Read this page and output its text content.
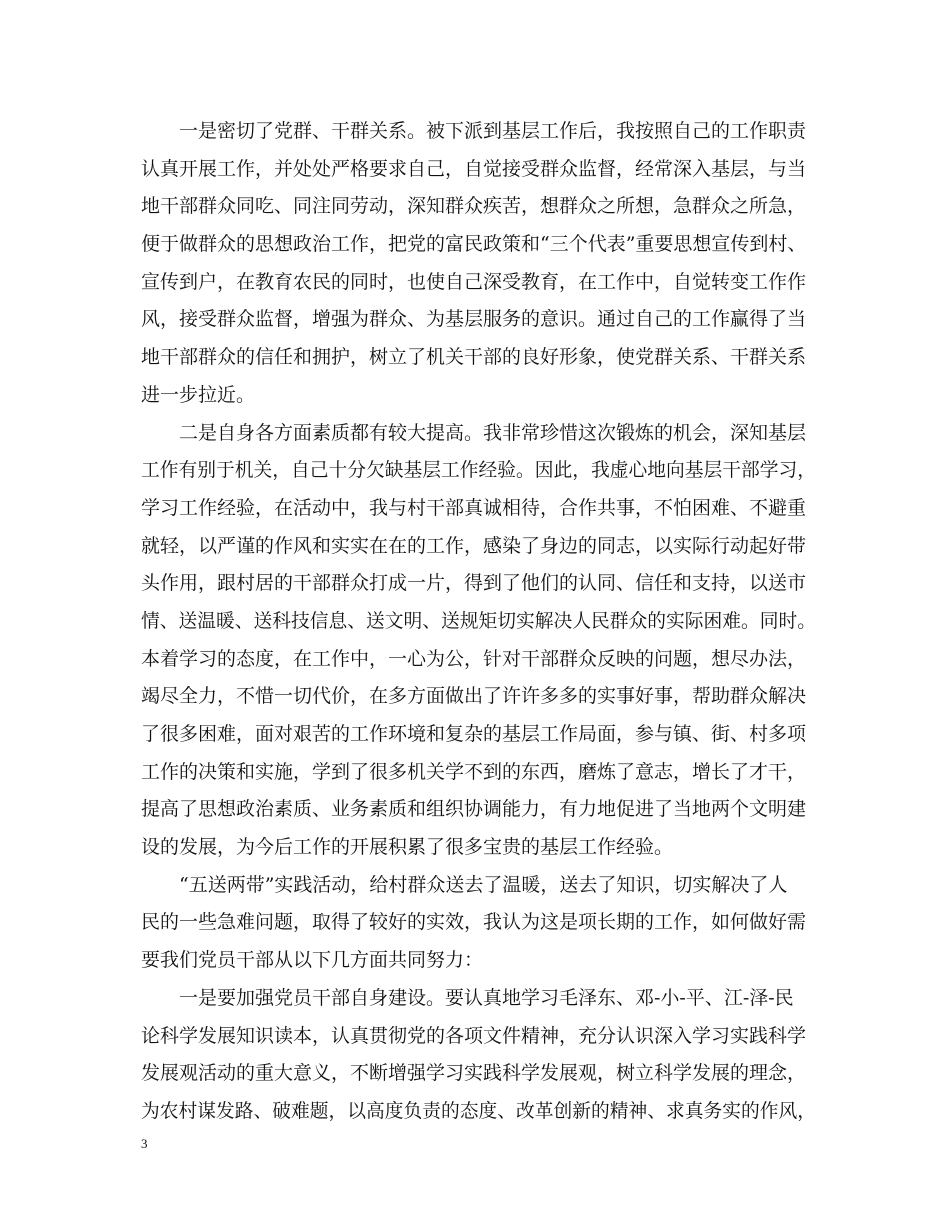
一是密切了党群、干群关系。被下派到基层工作后，我按照自己的工作职责
认真开展工作，并处处严格要求自己，自觉接受群众监督，经常深入基层，与当
地干部群众同吃、同注同劳动，深知群众疾苦，想群众之所想，急群众之所急，
便于做群众的思想政治工作，把党的富民政策和“三个代表”重要思想宣传到村、
宣传到户，在教育农民的同时，也使自己深受教育，在工作中，自觉转变工作作
风，接受群众监督，增强为群众、为基层服务的意识。通过自己的工作赢得了当
地干部群众的信任和拥护，树立了机关干部的良好形象，使党群关系、干群关系
进一步拉近。
二是自身各方面素质都有较大提高。我非常珍惜这次锻炼的机会，深知基层
工作有别于机关，自己十分欠缺基层工作经验。因此，我虚心地向基层干部学习，
学习工作经验，在活动中，我与村干部真诚相待，合作共事，不怕困难、不避重
就轻，以严谨的作风和实实在在的工作，感染了身边的同志，以实际行动起好带
头作用，跟村居的干部群众打成一片，得到了他们的认同、信任和支持，以送市
情、送温暖、送科技信息、送文明、送规矩切实解决人民群众的实际困难。同时。
本着学习的态度，在工作中，一心为公，针对干部群众反映的问题，想尽办法，
竭尽全力，不惜一切代价，在多方面做出了许许多多的实事好事，帮助群众解决
了很多困难，面对艰苦的工作环境和复杂的基层工作局面，参与镇、街、村多项
工作的决策和实施，学到了很多机关学不到的东西，磨炼了意志，增长了才干，
提高了思想政治素质、业务素质和组织协调能力，有力地促进了当地两个文明建
设的发展，为今后工作的开展积累了很多宝贵的基层工作经验。
“五送两带”实践活动，给村群众送去了温暖，送去了知识，切实解决了人
民的一些急难问题，取得了较好的实效，我认为这是项长期的工作，如何做好需
要我们党员干部从以下几方面共同努力：
一是要加强党员干部自身建设。要认真地学习毛泽东、邓-小-平、江-泽-民
论科学发展知识读本，认真贯彻党的各项文件精神，充分认识深入学习实践科学
发展观活动的重大意义，不断增强学习实践科学发展观，树立科学发展的理念，
为农村谋发路、破难题，以高度负责的态度、改革创新的精神、求真务实的作风，
3
